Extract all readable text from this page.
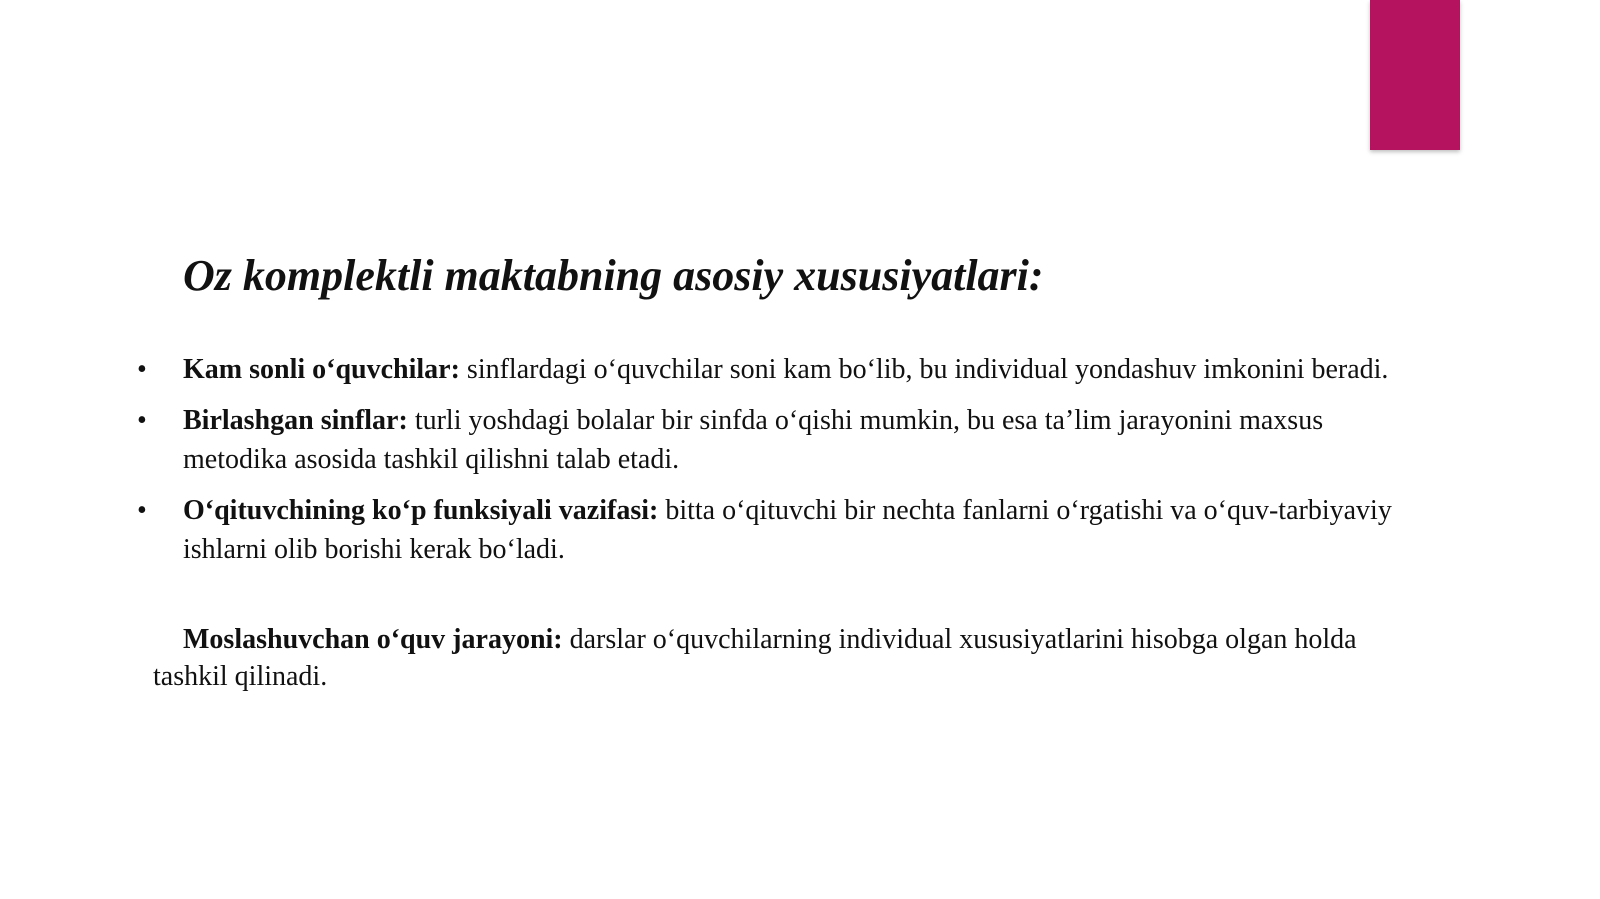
Oz komplektli maktabning asosiy xususiyatlari:
• Kam sonli o‘quvchilar: sinflardagi o‘quvchilar soni kam bo‘lib, bu individual yondashuv imkonini beradi.
• Birlashgan sinflar: turli yoshdagi bolalar bir sinfda o‘qishi mumkin, bu esa ta’lim jarayonini maxsus metodika asosida tashkil qilishni talab etadi.
• O‘qituvchining ko‘p funksiyali vazifasi: bitta o‘qituvchi bir nechta fanlarni o‘rgatishi va o‘quv-tarbiyaviy ishlarni olib borishi kerak bo‘ladi.

Moslashuvchan o‘quv jarayoni: darslar o‘quvchilarning individual xususiyatlarini hisobga olgan holda tashkil qilinadi.
